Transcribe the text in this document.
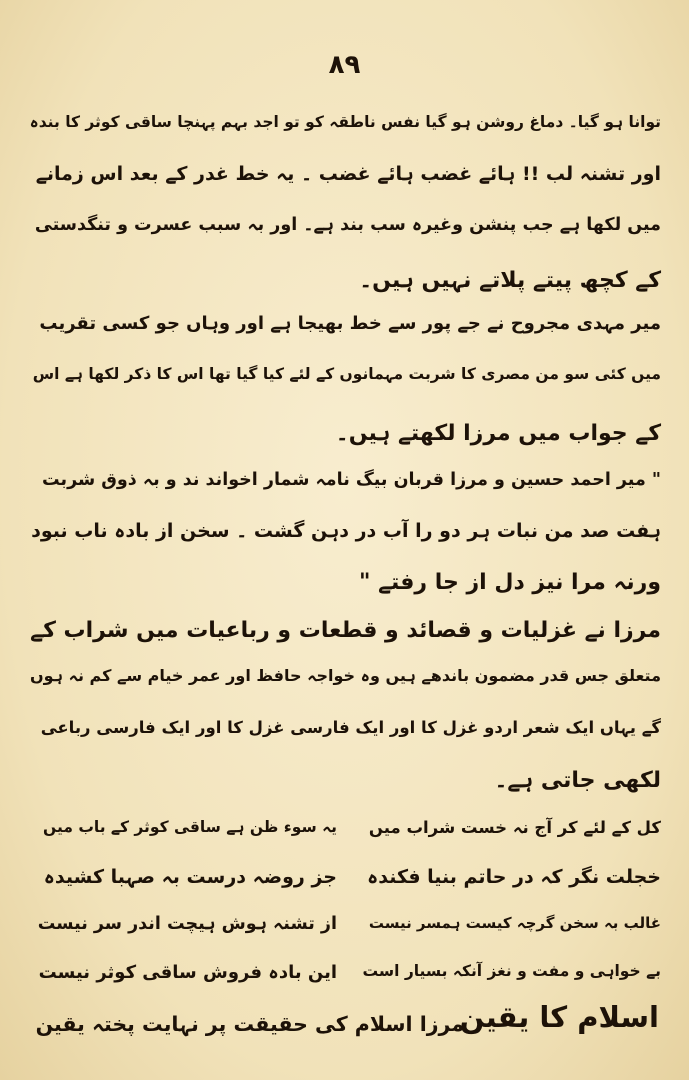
۸۹
توانا ہو گیا۔ دماغ روشن ہو گیا نفس ناطقہ کو تو اجد بہم پہنچا ساقی کوثر کا بندہ
اور تشنہ لب !! ہائے غضب ہائے غضب ۔ یہ خط غدر کے بعد اس زمانے
میں لکھا ہے جب پنشن وغیرہ سب بند ہے۔ اور بہ سبب عسرت و تنگدستی
کے کچھ پیتے پلاتے نہیں ہیں۔
میر مہدی مجروح نے جے پور سے خط بھیجا ہے اور وہاں جو کسی تقریب
میں کئی سو من مصری کا شربت مہمانوں کے لئے کیا گیا تھا اس کا ذکر لکھا ہے اس
کے جواب میں مرزا لکھتے ہیں۔
" میر احمد حسین و مرزا قربان بیگ نامہ شمار اخواند ند و بہ ذوق شربت
ہفت صد من نبات ہر دو را آب در دہن گشت ۔ سخن از بادہ ناب نبود
ورنہ مرا نیز دل از جا رفتے "
مرزا نے غزلیات و قصائد و قطعات و رباعیات میں شراب کے
متعلق جس قدر مضمون باندھے ہیں وہ خواجہ حافظ اور عمر خیام سے کم نہ ہوں
گے یہاں ایک شعر اردو غزل کا اور ایک فارسی غزل کا اور ایک فارسی رباعی
لکھی جاتی ہے۔
کل کے لئے کر آج نہ خست شراب میں
خجلت نگر کہ در حاتم بنیا فکندہ
غالب بہ سخن گرچہ کیست ہمسر نیست
بے خواہی و مفت و نغز آنکہ بسیار است
یہ سوء ظن ہے ساقی کوثر کے باب میں
جز روضہ درست بہ صہبا کشیدہ
از تشنہ ہوش ہیچت اندر سر نیست
این بادہ فروش ساقی کوثر نیست
اسلام کا یقین
مرزا اسلام کی حقیقت پر نہایت پختہ یقین
